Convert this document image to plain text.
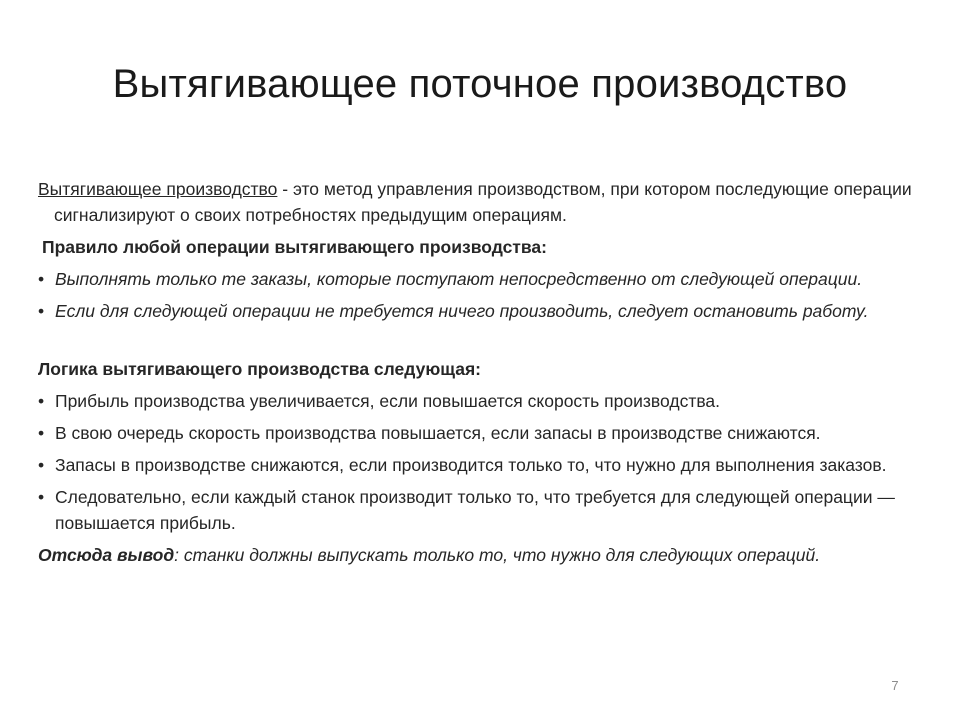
Вытягивающее поточное производство

Вытягивающее производство - это метод управления производством, при котором последующие операции сигнализируют о своих потребностях предыдущим операциям.

Правило любой операции вытягивающего производства:

• Выполнять только те заказы, которые поступают непосредственно от следующей операции.
• Если для следующей операции не требуется ничего производить, следует остановить работу.

Логика вытягивающего производства следующая:

• Прибыль производства увеличивается, если повышается скорость производства.
• В свою очередь скорость производства повышается, если запасы в производстве снижаются.
• Запасы в производстве снижаются, если производится только то, что нужно для выполнения заказов.
• Следовательно, если каждый станок производит только то, что требуется для следующей операции — повышается прибыль.

Отсюда вывод: станки должны выпускать только то, что нужно для следующих операций.

7
